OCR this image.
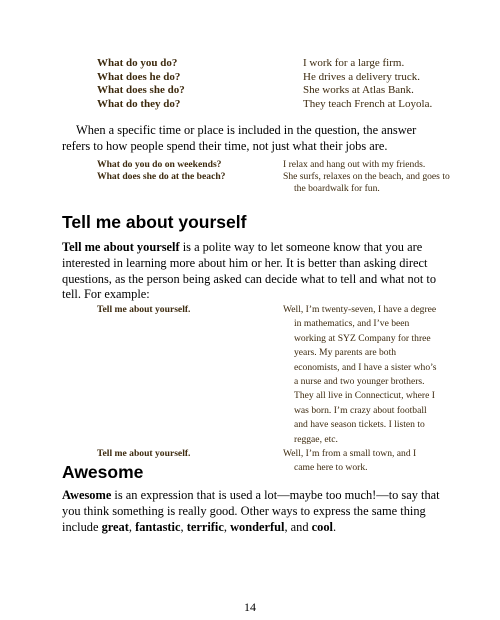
What do you do?	I work for a large firm.
What does he do?	He drives a delivery truck.
What does she do?	She works at Atlas Bank.
What do they do?	They teach French at Loyola.
When a specific time or place is included in the question, the answer refers to how people spend their time, not just what their jobs are.
What do you do on weekends?	I relax and hang out with my friends.
What does she do at the beach?	She surfs, relaxes on the beach, and goes to the boardwalk for fun.
Tell me about yourself
Tell me about yourself is a polite way to let someone know that you are interested in learning more about him or her. It is better than asking direct questions, as the person being asked can decide what to tell and what not to tell. For example:
Tell me about yourself.	Well, I’m twenty-seven, I have a degree
in mathematics, and I’ve been
working at SYZ Company for three
years. My parents are both
economists, and I have a sister who’s
a nurse and two younger brothers.
They all live in Connecticut, where I
was born. I’m crazy about football
and have season tickets. I listen to
reggae, etc.
Tell me about yourself.	Well, I’m from a small town, and I
came here to work.
Awesome
Awesome is an expression that is used a lot—maybe too much!—to say that you think something is really good. Other ways to express the same thing include great, fantastic, terrific, wonderful, and cool.
14
